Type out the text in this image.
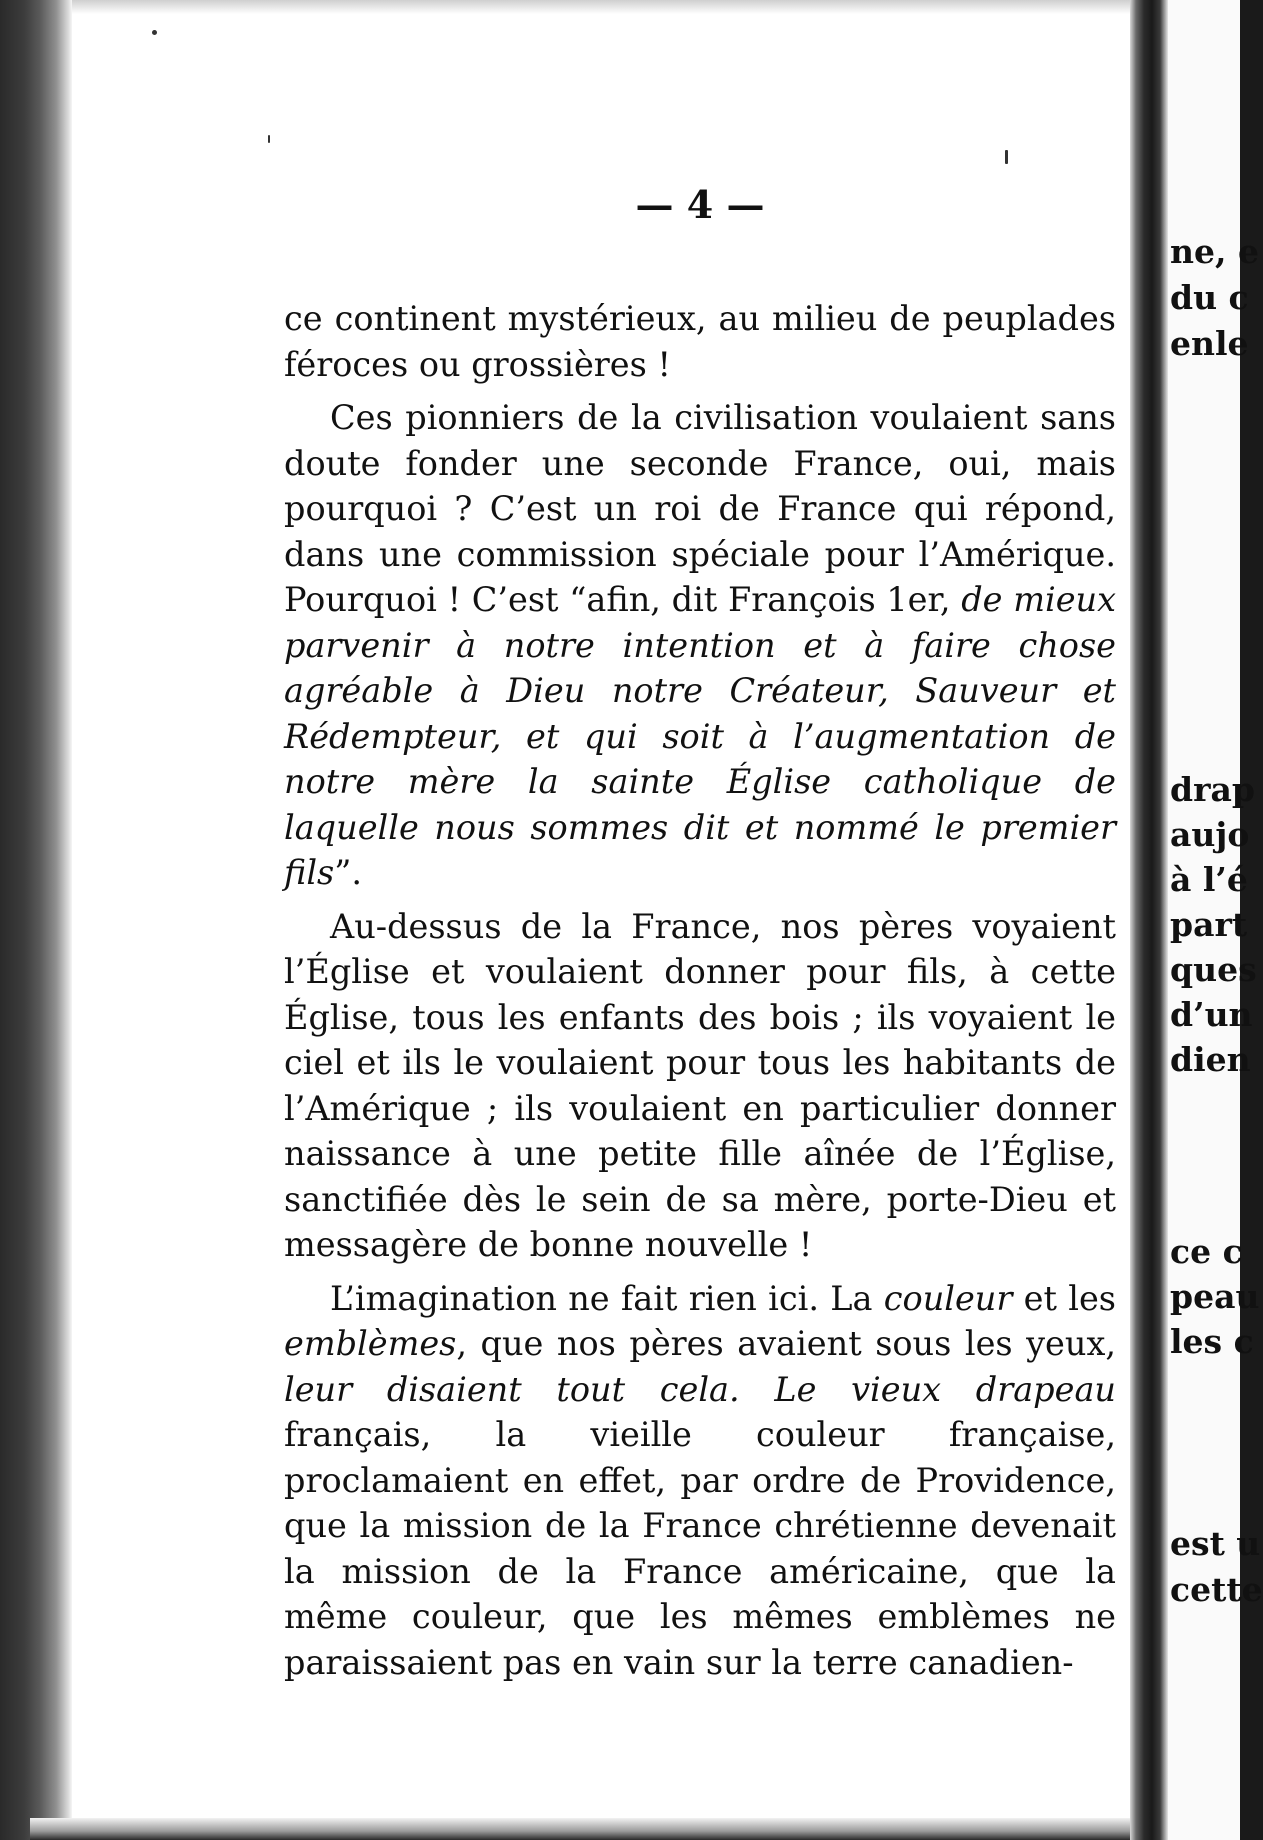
— 4 —

ce continent mystérieux, au milieu de peuplades féroces ou grossières !

Ces pionniers de la civilisation voulaient sans doute fonder une seconde France, oui, mais pourquoi ? C’est un roi de France qui répond, dans une commission spéciale pour l’Amérique. Pourquoi ! C’est “afin, dit François 1er, de mieux parvenir à notre intention et à faire chose agréable à Dieu notre Créateur, Sauveur et Rédempteur, et qui soit à l’augmentation de notre mère la sainte Église catholique de laquelle nous sommes dit et nommé le premier fils”.

Au-dessus de la France, nos pères voyaient l’Église et voulaient donner pour fils, à cette Église, tous les enfants des bois ; ils voyaient le ciel et ils le voulaient pour tous les habitants de l’Amérique ; ils voulaient en particulier donner naissance à une petite fille aînée de l’Église, sanctifiée dès le sein de sa mère, porte-Dieu et messagère de bonne nouvelle !

L’imagination ne fait rien ici. La couleur et les emblèmes, que nos pères avaient sous les yeux, leur disaient tout cela. Le vieux drapeau français, la vieille couleur française, proclamaient en effet, par ordre de Providence, que la mission de la France chrétienne devenait la mission de la France américaine, que la même couleur, que les mêmes emblèmes ne paraissaient pas en vain sur la terre canadien-

ne, e
du c
enle
drap
aujo
à l’é
part
ques
d’un
dien
ce c
peau
les c
est u
cette
